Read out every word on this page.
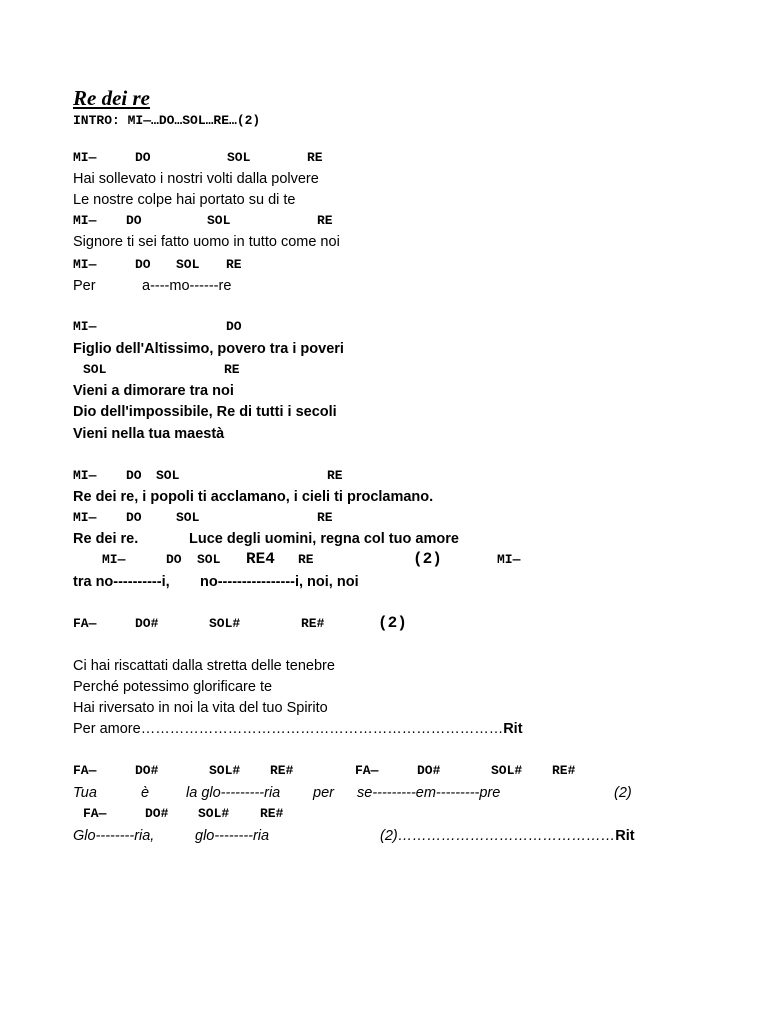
Re dei re
INTRO: MI—…DO…SOL…RE…(2)

MI—

	DO

	SOL

	RE

Hai sollevato i nostri volti dalla polvere
Le nostre colpe hai portato su di te

MI—

DO

	SOL

	RE

Signore ti sei fatto uomo in tutto come noi

MI—

	DO

SOL

RE

Per

	a----mo------re

MI—

	DO

Figlio dell'Altissimo, povero tra i poveri

SOL

	RE

Vieni a dimorare tra noi
Dio dell'impossibile, Re di tutti i secoli
Vieni nella tua maestà

MI—

DO

SOL

	RE

Re dei re, i popoli ti acclamano, i cieli ti proclamano.

MI—

DO

	SOL

	RE

Re dei re.

	Luce degli uomini, regna col tuo amore

MI—

	DO

SOL

RE4

RE

	(2)

	MI—

tra no----------i,

no----------------i, noi, noi

FA—

	DO#

	SOL#

	RE#

	(2)

Ci hai riscattati dalla stretta delle tenebre
Perché potessimo glorificare te
Hai riversato in noi la vita del tuo Spirito
Per amore…………………………………………………………………Rit

FA—

	DO#

	SOL#

RE#

	FA—

	DO#

	SOL#

RE#

Tua

	è

	la glo---------ria

per

se---------em---------pre

	(2)

FA—

	DO#

SOL#

RE#

Glo--------ria,

	glo--------ria

	(2)………………………………………Rit
